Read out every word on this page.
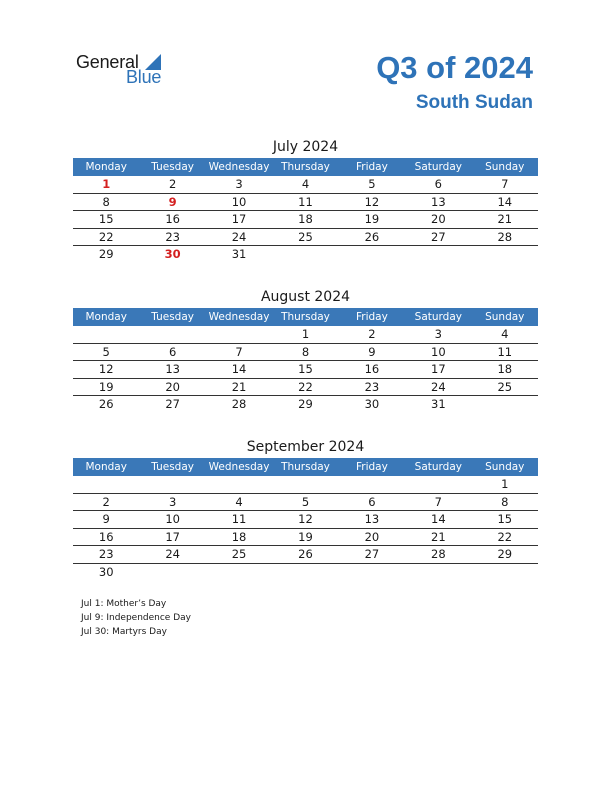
General
Blue	Q3 of 2024
South Sudan
July 2024
Monday	Tuesday	Wednesday	Thursday	Friday	Saturday	Sunday
1	2	3	4	5	6	7
8	9	10	11	12	13	14
15	16	17	18	19	20	21
22	23	24	25	26	27	28
29	30	31				
August 2024
Monday	Tuesday	Wednesday	Thursday	Friday	Saturday	Sunday
			1	2	3	4
5	6	7	8	9	10	11
12	13	14	15	16	17	18
19	20	21	22	23	24	25
26	27	28	29	30	31	
September 2024
Monday	Tuesday	Wednesday	Thursday	Friday	Saturday	Sunday
						1
2	3	4	5	6	7	8
9	10	11	12	13	14	15
16	17	18	19	20	21	22
23	24	25	26	27	28	29
30						
Jul 1: Mother’s Day
Jul 9: Independence Day
Jul 30: Martyrs Day
